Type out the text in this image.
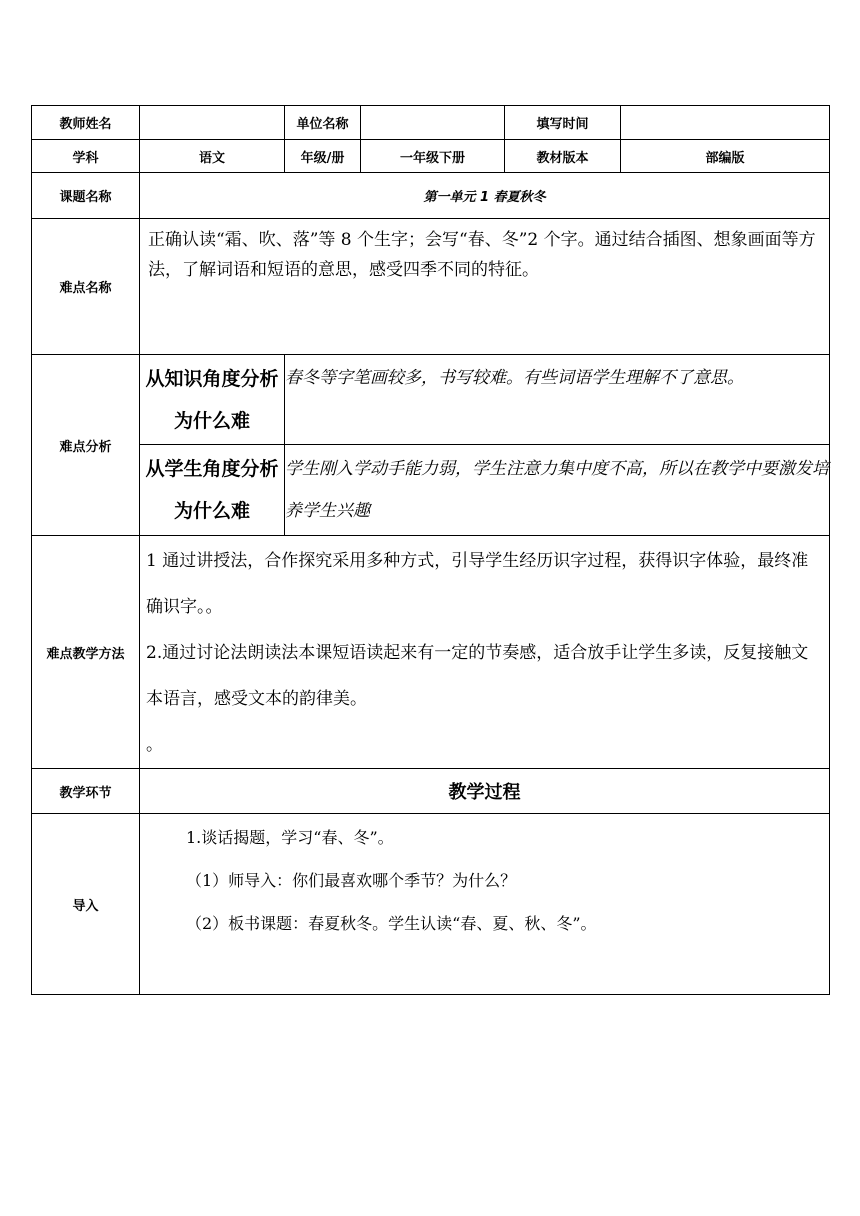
教师姓名		单位名称		填写时间	
学科	语文	年级/册	一年级下册	教材版本	部编版
课题名称	第一单元 1 春夏秋冬				
难点名称	正确认读“霜、吹、落”等 8 个生字；会写“春、冬”2 个字。通过结合插图、想象画面等方法，了解词语和短语的意思，感受四季不同的特征。				

难点分析	从知识角度分析为什么难	春冬等字笔画较多，书写较难。有些词语学生理解不了意思。			
	从学生角度分析为什么难	学生刚入学动手能力弱，学生注意力集中度不高，所以在教学中要激发培养学生兴趣			
难点教学方法	1 通过讲授法，合作探究采用多种方式，引导学生经历识字过程，获得识字体验，最终准确识字。。

2.通过讨论法朗读法本课短语读起来有一定的节奏感，适合放手让学生多读，反复接触文本语言，感受文本的韵律美。

。				

教学环节	教学过程				
导入	1.谈话揭题，学习“春、冬”。

（1）师导入：你们最喜欢哪个季节？为什么？

（2）板书课题：春夏秋冬。学生认读“春、夏、秋、冬”。				
